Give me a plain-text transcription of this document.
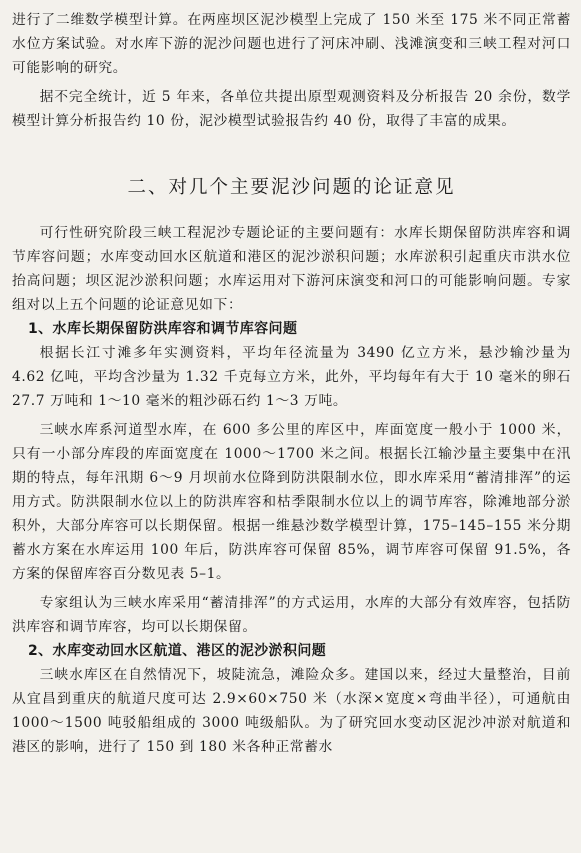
进行了二维数学模型计算。在两座坝区泥沙模型上完成了 150 米至 175 米不同正常蓄水位方案试验。对水库下游的泥沙问题也进行了河床冲刷、浅滩演变和三峡工程对河口可能影响的研究。

据不完全统计，近 5 年来，各单位共提出原型观测资料及分析报告 20 余份，数学模型计算分析报告约 10 份，泥沙模型试验报告约 40 份，取得了丰富的成果。

二、对几个主要泥沙问题的论证意见

可行性研究阶段三峡工程泥沙专题论证的主要问题有：水库长期保留防洪库容和调节库容问题；水库变动回水区航道和港区的泥沙淤积问题；水库淤积引起重庆市洪水位抬高问题；坝区泥沙淤积问题；水库运用对下游河床演变和河口的可能影响问题。专家组对以上五个问题的论证意见如下：

1、水库长期保留防洪库容和调节库容问题

根据长江寸滩多年实测资料，平均年径流量为 3490 亿立方米，悬沙输沙量为 4.62 亿吨，平均含沙量为 1.32 千克每立方米，此外，平均每年有大于 10 毫米的卵石 27.7 万吨和 1～10 毫米的粗沙砾石约 1～3 万吨。

三峡水库系河道型水库，在 600 多公里的库区中，库面宽度一般小于 1000 米，只有一小部分库段的库面宽度在 1000～1700 米之间。根据长江输沙量主要集中在汛期的特点，每年汛期 6～9 月坝前水位降到防洪限制水位，即水库采用“蓄清排浑”的运用方式。防洪限制水位以上的防洪库容和枯季限制水位以上的调节库容，除滩地部分淤积外，大部分库容可以长期保留。根据一维悬沙数学模型计算，175–145–155 米分期蓄水方案在水库运用 100 年后，防洪库容可保留 85%，调节库容可保留 91.5%，各方案的保留库容百分数见表 5–1。

专家组认为三峡水库采用“蓄清排浑”的方式运用，水库的大部分有效库容，包括防洪库容和调节库容，均可以长期保留。

2、水库变动回水区航道、港区的泥沙淤积问题

三峡水库区在自然情况下，坡陡流急，滩险众多。建国以来，经过大量整治，目前从宜昌到重庆的航道尺度可达 2.9×60×750 米（水深×宽度×弯曲半径），可通航由 1000～1500 吨驳船组成的 3000 吨级船队。为了研究回水变动区泥沙冲淤对航道和港区的影响，进行了 150 到 180 米各种正常蓄水
